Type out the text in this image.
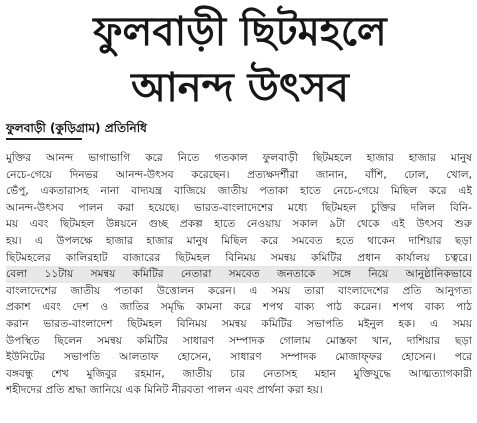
ফুলবাড়ী ছিটমহলে
আনন্দ উৎসব
ফুলবাড়ী (কুড়িগ্রাম) প্রতিনিধি
মুক্তির আনন্দ ভাগাভাগি করে নিতে গতকাল ফুলবাড়ী ছিটমহলে হাজার হাজার মানুষ
নেচে-গেয়ে দিনভর আনন্দ-উৎসব করেছেন। প্রত্যক্ষদর্শীরা জানান, বাঁশি, ঢোল, খোল,
ভেঁপু, একতারাসহ নানা বাদ্যযন্ত্র বাজিয়ে জাতীয় পতাকা হাতে নেচে-গেয়ে মিছিল করে এই
আনন্দ-উৎসব পালন করা হয়েছে। ভারত-বাংলাদেশের মধ্যে ছিটমহল চুক্তির দলিল বিনি-
ময় এবং ছিটমহল উন্নয়নে গুচ্ছ প্রকল্প হাতে নেওয়ায় সকাল ৯টা থেকে এই উৎসব শুরু
হয়। এ উপলক্ষে হাজার হাজার মানুষ মিছিল করে সমবেত হতে থাকেন দাশিয়ার ছড়া
ছিটমহলের কালিরহাট বাজারের ছিটমহল বিনিময় সমন্বয় কমিটির প্রধান কার্যালয় চত্বরে।
বেলা ১১টায় সমন্বয় কমিটির নেতারা সমবেত জনতাকে সঙ্গে নিয়ে আনুষ্ঠানিকভাবে
বাংলাদেশের জাতীয় পতাকা উত্তোলন করেন। এ সময় তারা বাংলাদেশের প্রতি আনুগত্য
প্রকাশ এবং দেশ ও জাতির সমৃদ্ধি কামনা করে শপথ বাক্য পাঠ করেন। শপথ বাক্য পাঠ
করান ভারত-বাংলাদেশ ছিটমহল বিনিময় সমন্বয় কমিটির সভাপতি মইনুল হক। এ সময়
উপস্থিত ছিলেন সমন্বয় কমিটির সাধারণ সম্পাদক গোলাম মোস্তফা খান, দাশিয়ার ছড়া
ইউনিটের সভাপতি আলতাফ হোসেন, সাধারণ সম্পাদক মোজাফ্ফর হোসেন। পরে
বঙ্গবন্ধু শেখ মুজিবুর রহমান, জাতীয় চার নেতাসহ মহান মুক্তিযুদ্ধে আত্মত্যাগকারী
শহীদদের প্রতি শ্রদ্ধা জানিয়ে এক মিনিট নীরবতা পালন এবং প্রার্থনা করা হয়।
